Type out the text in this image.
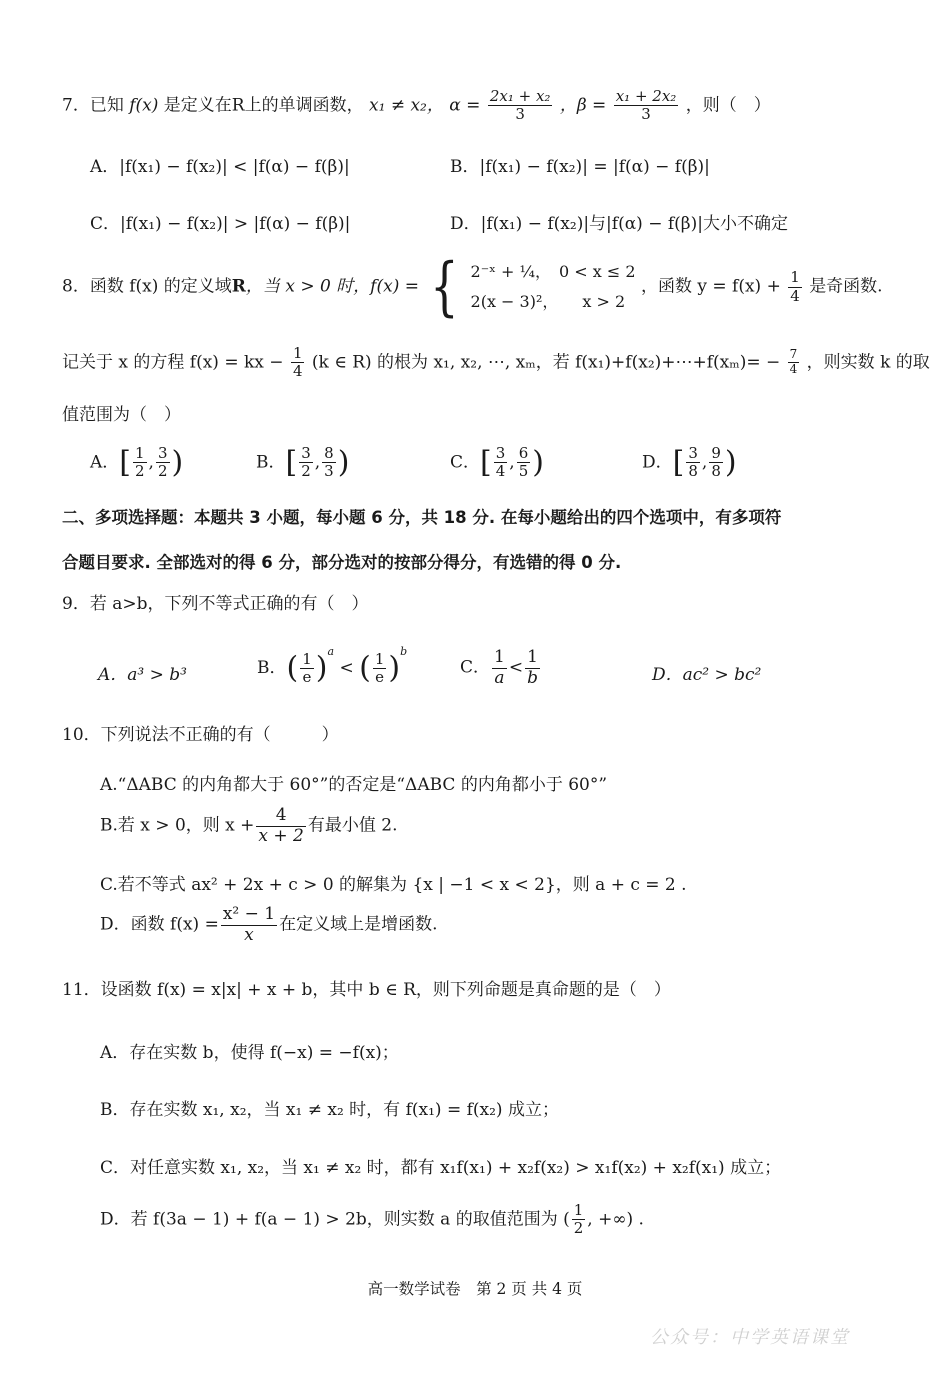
7．已知 f(x) 是定义在R上的单调函数， x₁ ≠ x₂， $\alpha = \frac{\text{2x₁ + x₂}}{3}$ ，$\beta = \frac{\text{x₁ + 2x₂}}{3}$ ，则（　）
A．|f(x₁) − f(x₂)| < |f(α) − f(β)|	B．|f(x₁) − f(x₂)| = |f(α) − f(β)|
C．|f(x₁) − f(x₂)| > |f(α) − f(β)|	D．|f(x₁) − f(x₂)|与|f(α) − f(β)|大小不确定
8．函数 f(x) 的定义域R，当 x > 0 时，f(x) = { 2⁻ˣ + ¼，　0 < x ≤ 2
2(x − 3)²，　　x > 2
，函数 $y = f(x) + \frac{1}{4}$ 是奇函数.
记关于 x 的方程 f(x) = kx − $\frac{1}{4} (k$ ∈ R) 的根为 x₁, x₂, ⋯, xₘ，若 f(x₁)+f(x₂)+⋯+f(xₘ)= − $\frac{7}{4}$ ，则实数 k 的取
值范围为（　）
A．[ $\frac{1}{2}$ , $\frac{3}{2}$ )	B．[ $\frac{3}{2}$ , $\frac{8}{3}$ )	C．[ $\frac{3}{4}$ , $\frac{6}{5}$ )	D．[ $\frac{3}{8}$ , $\frac{9}{8}$ )
二、多项选择题：本题共 3 小题，每小题 6 分，共 18 分. 在每小题给出的四个选项中，有多项符
合题目要求. 全部选对的得 6 分，部分选对的按部分得分，有选错的得 0 分.
9．若 a>b，下列不等式正确的有（　）
A．a³ > b³	B．( $\frac{1}{e} )^a$ < ( $\frac{1}{e} )^b$
C． $\frac{1}{a} < \frac{1}{b}$	D．ac² > bc²
10．下列说法不正确的有（　　　）
A.“ΔABC 的内角都大于 60°”的否定是“ΔABC 的内角都小于 60°”
B.若 x > 0，则 $x + \frac{4}{x + 2}$ 有最小值 2.
C.若不等式 ax² + 2x + c > 0 的解集为 {x | −1 < x < 2}，则 a + c = 2 .
D．函数 $f(x) = \frac{\text{x² − 1}}{x}$ 在定义域上是增函数.
11．设函数 f(x) = x|x| + x + b，其中 b ∈ R，则下列命题是真命题的是（　）
A．存在实数 b，使得 f(−x) = −f(x)；
B．存在实数 x₁, x₂，当 x₁ ≠ x₂ 时，有 f(x₁) = f(x₂) 成立；
C．对任意实数 x₁, x₂，当 x₁ ≠ x₂ 时，都有 x₁f(x₁) + x₂f(x₂) > x₁f(x₂) + x₂f(x₁) 成立；
D．若 f(3a − 1) + f(a − 1) > 2b，则实数 a 的取值范围为 ( $\frac{1}{2}$ , +∞) .
高一数学试卷　第 2 页 共 4 页
公众号：中学英语课堂
